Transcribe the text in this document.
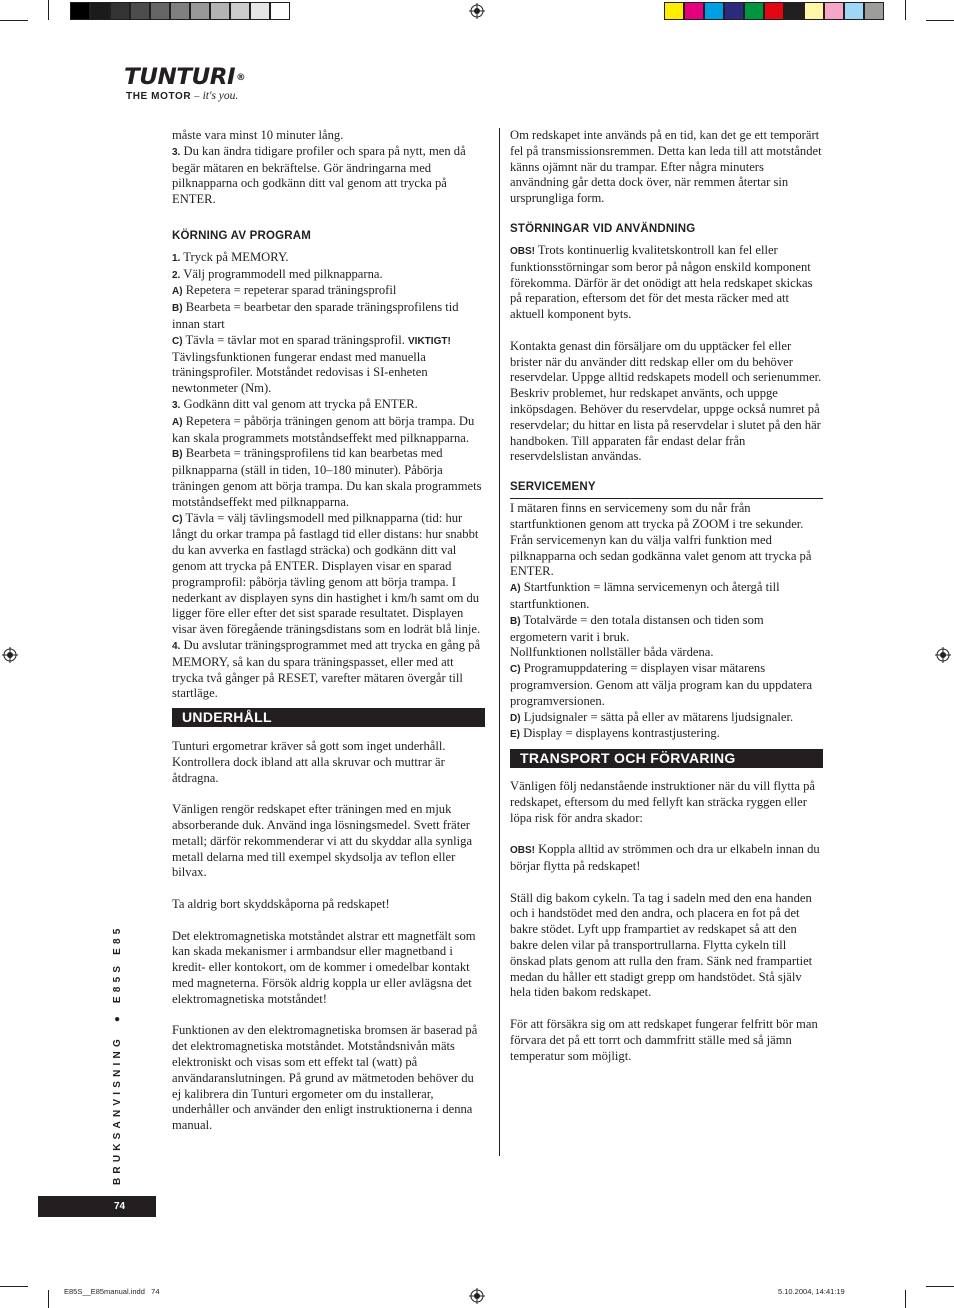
TUNTURI®
THE MOTOR – it's you.

måste vara minst 10 minuter lång.

3. Du kan ändra tidigare profiler och spara på nytt, men då begär mätaren en bekräftelse. Gör ändringarna med pilknapparna och godkänn ditt val genom att trycka på ENTER.

KÖRNING AV PROGRAM

1. Tryck på MEMORY.

2. Välj programmodell med pilknapparna.

A) Repetera = repeterar sparad träningsprofil

B) Bearbeta = bearbetar den sparade träningsprofilens tid innan start

C) Tävla = tävlar mot en sparad träningsprofil. VIKTIGT! Tävlingsfunktionen fungerar endast med manuella träningsprofiler. Motståndet redovisas i SI-enheten newtonmeter (Nm).

3. Godkänn ditt val genom att trycka på ENTER.

A) Repetera = påbörja träningen genom att börja trampa. Du kan skala programmets motståndseffekt med pilknapparna.

B) Bearbeta = träningsprofilens tid kan bearbetas med pilknapparna (ställ in tiden, 10–180 minuter). Påbörja träningen genom att börja trampa. Du kan skala programmets motståndseffekt med pilknapparna.

C) Tävla = välj tävlingsmodell med pilknapparna (tid: hur långt du orkar trampa på fastlagd tid eller distans: hur snabbt du kan avverka en fastlagd sträcka) och godkänn ditt val genom att trycka på ENTER. Displayen visar en sparad programprofil: påbörja tävling genom att börja trampa. I nederkant av displayen syns din hastighet i km/h samt om du ligger före eller efter det sist sparade resultatet. Displayen visar även föregående träningsdistans som en lodrät blå linje.

4. Du avslutar träningsprogrammet med att trycka en gång på MEMORY, så kan du spara träningspasset, eller med att trycka två gånger på RESET, varefter mätaren övergår till startläge.

UNDERHÅLL

Tunturi ergometrar kräver så gott som inget underhåll. Kontrollera dock ibland att alla skruvar och muttrar är åtdragna.

Vänligen rengör redskapet efter träningen med en mjuk absorberande duk. Använd inga lösningsmedel. Svett fräter metall; därför rekommenderar vi att du skyddar alla synliga metall delarna med till exempel skydsolja av teflon eller bilvax.

Ta aldrig bort skyddskåporna på redskapet!

Det elektromagnetiska motståndet alstrar ett magnetfält som kan skada mekanismer i armbandsur eller magnetband i kredit- eller kontokort, om de kommer i omedelbar kontakt med magneterna. Försök aldrig koppla ur eller avlägsna det elektromagnetiska motståndet!

Funktionen av den elektromagnetiska bromsen är baserad på det elektromagnetiska motståndet. Motståndsnivån mäts elektroniskt och visas som ett effekt tal (watt) på användaranslutningen. På grund av mätmetoden behöver du ej kalibrera din Tunturi ergometer om du installerar, underhåller och använder den enligt instruktionerna i denna manual.

Om redskapet inte används på en tid, kan det ge ett temporärt fel på transmissionsremmen. Detta kan leda till att motståndet känns ojämnt när du trampar. Efter några minuters användning går detta dock över, när remmen återtar sin ursprungliga form.

STÖRNINGAR VID ANVÄNDNING

OBS! Trots kontinuerlig kvalitetskontroll kan fel eller funktionsstörningar som beror på någon enskild komponent förekomma. Därför är det onödigt att hela redskapet skickas på reparation, eftersom det för det mesta räcker med att aktuell komponent byts.

Kontakta genast din försäljare om du upptäcker fel eller brister när du använder ditt redskap eller om du behöver reservdelar. Uppge alltid redskapets modell och serienummer. Beskriv problemet, hur redskapet använts, och uppge inköpsdagen. Behöver du reservdelar, uppge också numret på reservdelar; du hittar en lista på reservdelar i slutet på den här handboken. Till apparaten får endast delar från reservdelslistan användas.

SERVICEMENY

I mätaren finns en servicemeny som du når från startfunktionen genom att trycka på ZOOM i tre sekunder. Från servicemenyn kan du välja valfri funktion med pilknapparna och sedan godkänna valet genom att trycka på ENTER.

A) Startfunktion = lämna servicemenyn och återgå till startfunktionen.

B) Totalvärde = den totala distansen och tiden som ergometern varit i bruk.

Nollfunktionen nollställer båda värdena.

C) Programuppdatering = displayen visar mätarens programversion. Genom att välja program kan du uppdatera programversionen.

D) Ljudsignaler = sätta på eller av mätarens ljudsignaler.

E) Display = displayens kontrastjustering.

TRANSPORT OCH FÖRVARING

Vänligen följ nedanstående instruktioner när du vill flytta på redskapet, eftersom du med fellyft kan sträcka ryggen eller löpa risk för andra skador:

OBS! Koppla alltid av strömmen och dra ur elkabeln innan du börjar flytta på redskapet!

Ställ dig bakom cykeln. Ta tag i sadeln med den ena handen och i handstödet med den andra, och placera en fot på det bakre stödet. Lyft upp frampartiet av redskapet så att den bakre delen vilar på transportrullarna. Flytta cykeln till önskad plats genom att rulla den fram. Sänk ned frampartiet medan du håller ett stadigt grepp om handstödet. Stå själv hela tiden bakom redskapet.

För att försäkra sig om att redskapet fungerar felfritt bör man förvara det på ett torrt och dammfritt ställe med så jämn temperatur som möjligt.

BRUKSANVISNING ● E85S E85
74
E85S__E85manual.indd   74	5.10.2004, 14:41:19
